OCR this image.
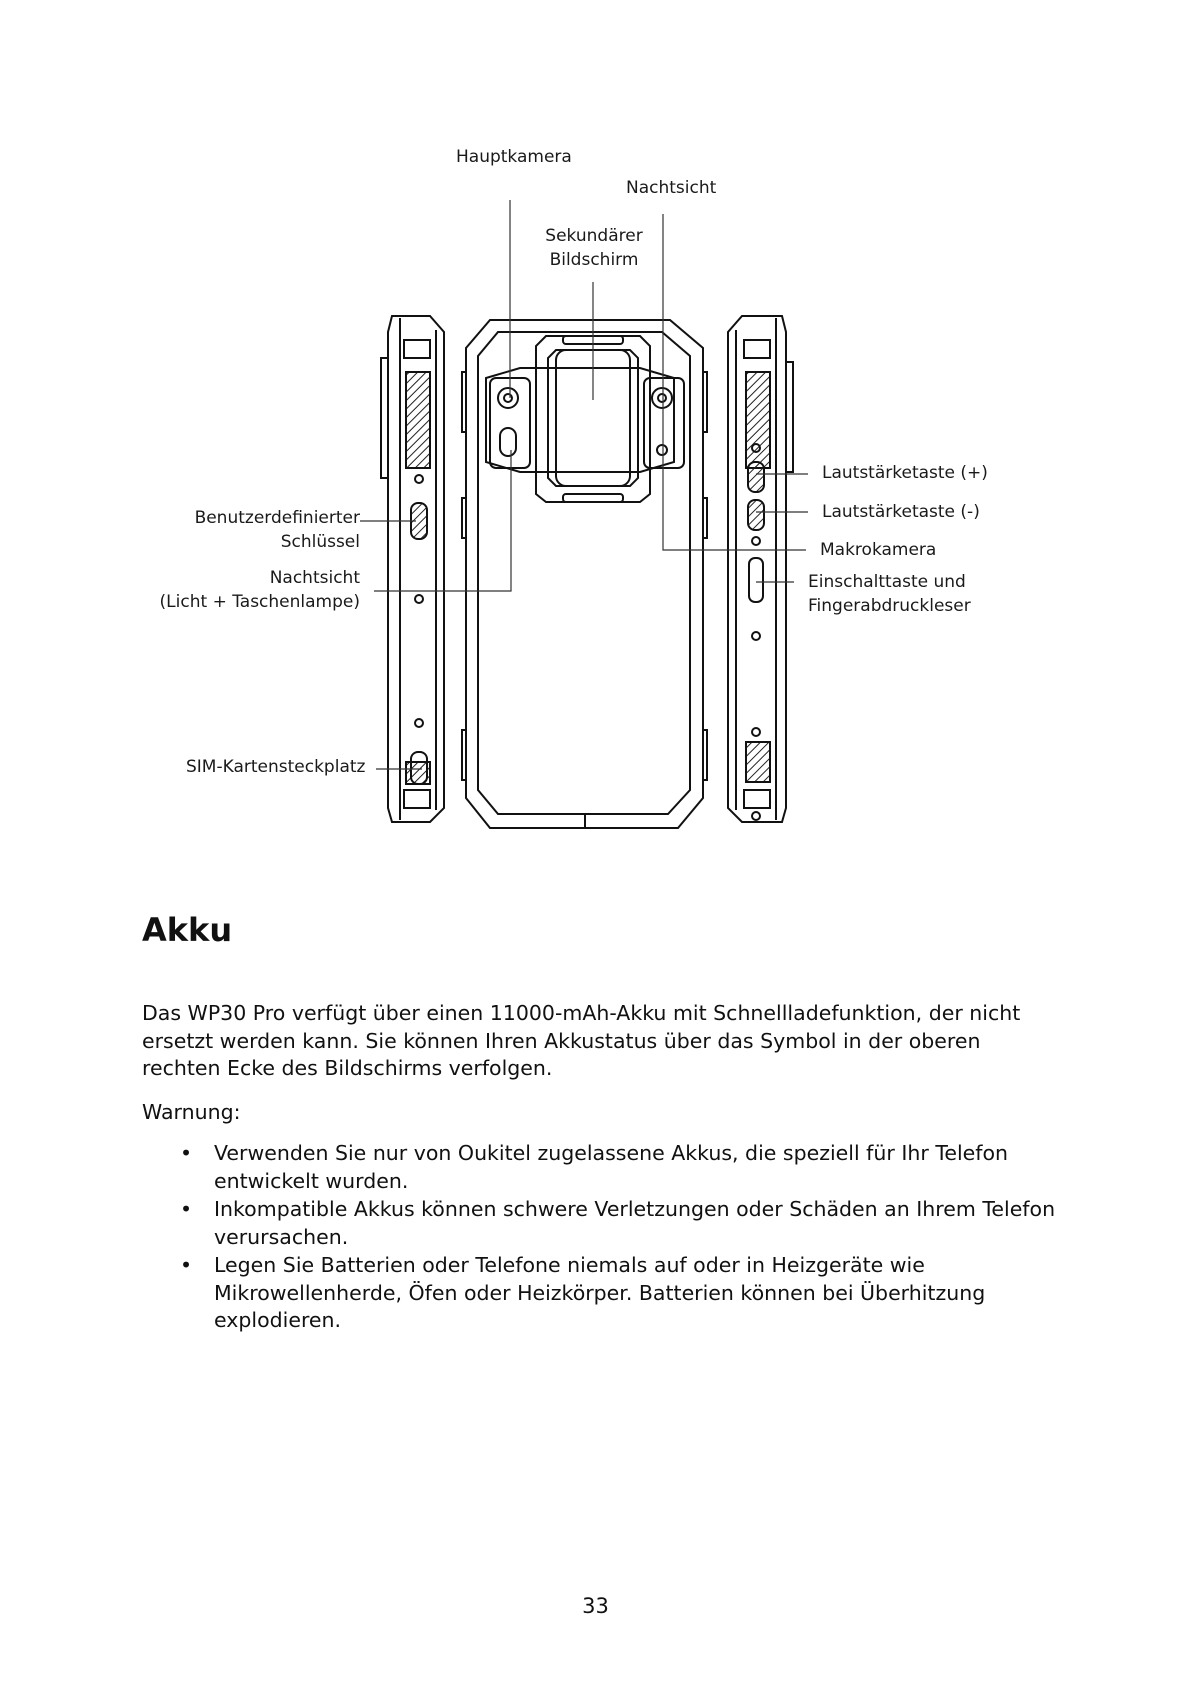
Hauptkamera
Nachtsicht
Sekundärer
Bildschirm
Benutzerdefinierter
Schlüssel
Nachtsicht
(Licht + Taschenlampe)
SIM-Kartensteckplatz
Lautstärketaste (+)
Lautstärketaste (-)
Makrokamera
Einschalttaste und
Fingerabdruckleser
Akku

Das WP30 Pro verfügt über einen 11000-mAh-Akku mit Schnellladefunktion, der nicht ersetzt werden kann. Sie können Ihren Akkustatus über das Symbol in der oberen rechten Ecke des Bildschirms verfolgen.

Warnung:

• Verwenden Sie nur von Oukitel zugelassene Akkus, die speziell für Ihr Telefon entwickelt wurden.
• Inkompatible Akkus können schwere Verletzungen oder Schäden an Ihrem Telefon verursachen.
• Legen Sie Batterien oder Telefone niemals auf oder in Heizgeräte wie Mikrowellenherde, Öfen oder Heizkörper. Batterien können bei Überhitzung explodieren.
33
